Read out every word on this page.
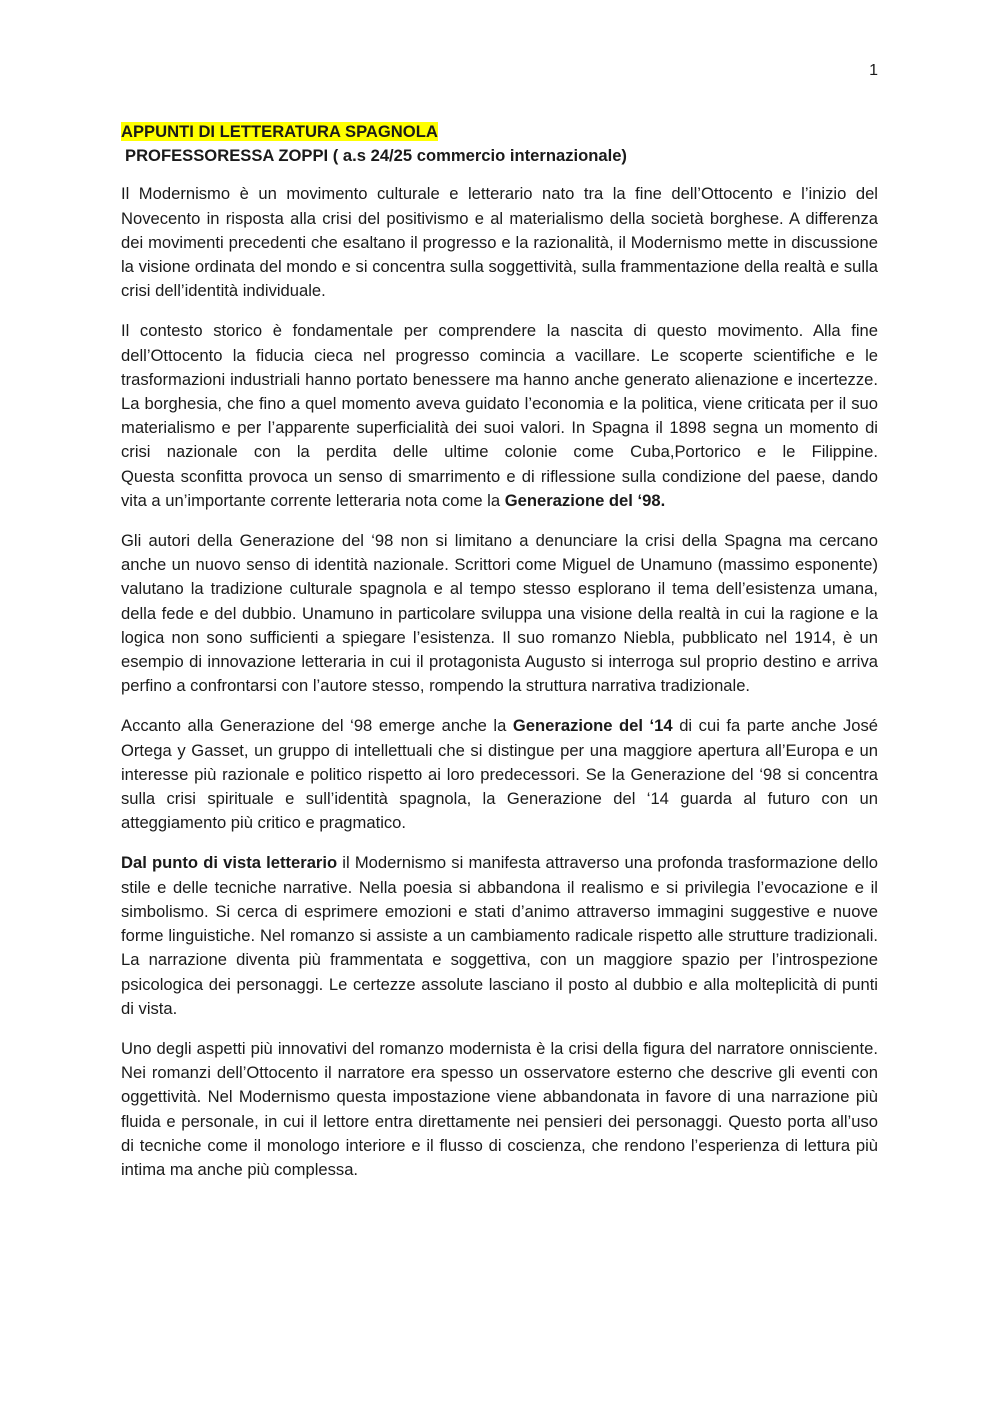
1

APPUNTI DI LETTERATURA SPAGNOLA

PROFESSORESSA ZOPPI ( a.s 24/25 commercio internazionale)

Il Modernismo è un movimento culturale e letterario nato tra la fine dell’Ottocento e l’inizio del Novecento in risposta alla crisi del positivismo e al materialismo della società borghese. A differenza dei movimenti precedenti che esaltano il progresso e la razionalità, il Modernismo mette in discussione la visione ordinata del mondo e si concentra sulla soggettività, sulla frammentazione della realtà e sulla crisi dell’identità individuale.

Il contesto storico è fondamentale per comprendere la nascita di questo movimento. Alla fine dell’Ottocento la fiducia cieca nel progresso comincia a vacillare. Le scoperte scientifiche e le trasformazioni industriali hanno portato benessere ma hanno anche generato alienazione e incertezze. La borghesia, che fino a quel momento aveva guidato l’economia e la politica, viene criticata per il suo materialismo e per l’apparente superficialità dei suoi valori. In Spagna il 1898 segna un momento di crisi nazionale con la perdita delle ultime colonie come Cuba,Portorico e le Filippine.
Questa sconfitta provoca un senso di smarrimento e di riflessione sulla condizione del paese, dando vita a un’importante corrente letteraria nota come la Generazione del ‘98.

Gli autori della Generazione del ‘98 non si limitano a denunciare la crisi della Spagna ma cercano anche un nuovo senso di identità nazionale. Scrittori come Miguel de Unamuno (massimo esponente) valutano la tradizione culturale spagnola e al tempo stesso esplorano il tema dell’esistenza umana, della fede e del dubbio. Unamuno in particolare sviluppa una visione della realtà in cui la ragione e la logica non sono sufficienti a spiegare l’esistenza. Il suo romanzo Niebla, pubblicato nel 1914, è un esempio di innovazione letteraria in cui il protagonista Augusto si interroga sul proprio destino e arriva perfino a confrontarsi con l’autore stesso, rompendo la struttura narrativa tradizionale.

Accanto alla Generazione del ‘98 emerge anche la Generazione del ‘14 di cui fa parte anche José Ortega y Gasset, un gruppo di intellettuali che si distingue per una maggiore apertura all’Europa e un interesse più razionale e politico rispetto ai loro predecessori. Se la Generazione del ‘98 si concentra sulla crisi spirituale e sull’identità spagnola, la Generazione del ‘14 guarda al futuro con un atteggiamento più critico e pragmatico.

Dal punto di vista letterario il Modernismo si manifesta attraverso una profonda trasformazione dello stile e delle tecniche narrative. Nella poesia si abbandona il realismo e si privilegia l’evocazione e il simbolismo. Si cerca di esprimere emozioni e stati d’animo attraverso immagini suggestive e nuove forme linguistiche. Nel romanzo si assiste a un cambiamento radicale rispetto alle strutture tradizionali. La narrazione diventa più frammentata e soggettiva, con un maggiore spazio per l’introspezione psicologica dei personaggi. Le certezze assolute lasciano il posto al dubbio e alla molteplicità di punti di vista.

Uno degli aspetti più innovativi del romanzo modernista è la crisi della figura del narratore onnisciente. Nei romanzi dell’Ottocento il narratore era spesso un osservatore esterno che descrive gli eventi con oggettività. Nel Modernismo questa impostazione viene abbandonata in favore di una narrazione più fluida e personale, in cui il lettore entra direttamente nei pensieri dei personaggi. Questo porta all’uso di tecniche come il monologo interiore e il flusso di coscienza, che rendono l’esperienza di lettura più intima ma anche più complessa.
